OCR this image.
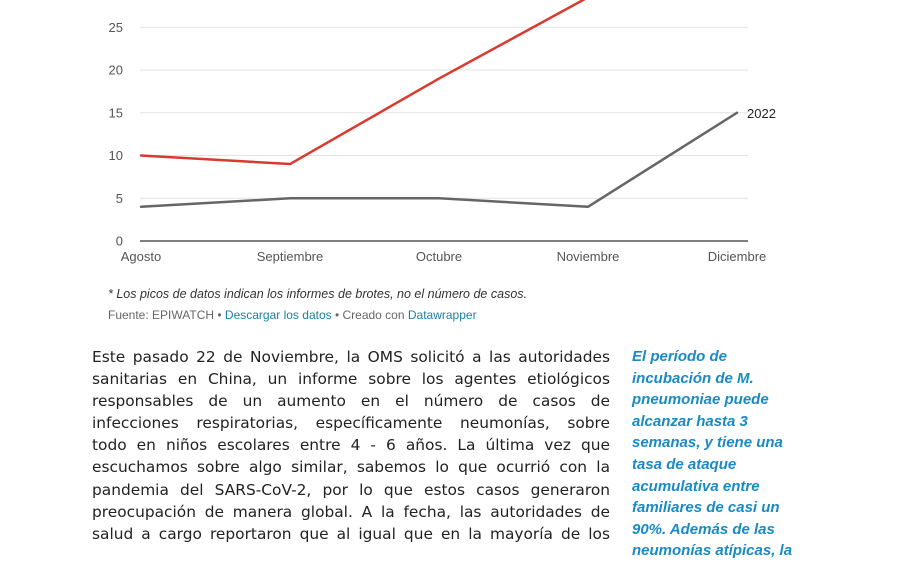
0
5
10
15
20
25
Agosto	Septiembre	Octubre	Noviembre	Diciembre
2022
* Los picos de datos indican los informes de brotes, no el número de casos.
Fuente: EPIWATCH • Descargar los datos • Creado con Datawrapper
Este pasado 22 de Noviembre, la OMS solicitó a las autoridades
sanitarias en China, un informe sobre los agentes etiológicos
responsables de un aumento en el número de casos de
infecciones respiratorias, específicamente neumonías, sobre
todo en niños escolares entre 4 - 6 años. La última vez que
escuchamos sobre algo similar, sabemos lo que ocurrió con la
pandemia del SARS-CoV-2, por lo que estos casos generaron
preocupación de manera global. A la fecha, las autoridades de
salud a cargo reportaron que al igual que en la mayoría de los
El período de
incubación de M.
pneumoniae puede
alcanzar hasta 3
semanas, y tiene una
tasa de ataque
acumulativa entre
familiares de casi un
90%. Además de las
neumonías atípicas, la
